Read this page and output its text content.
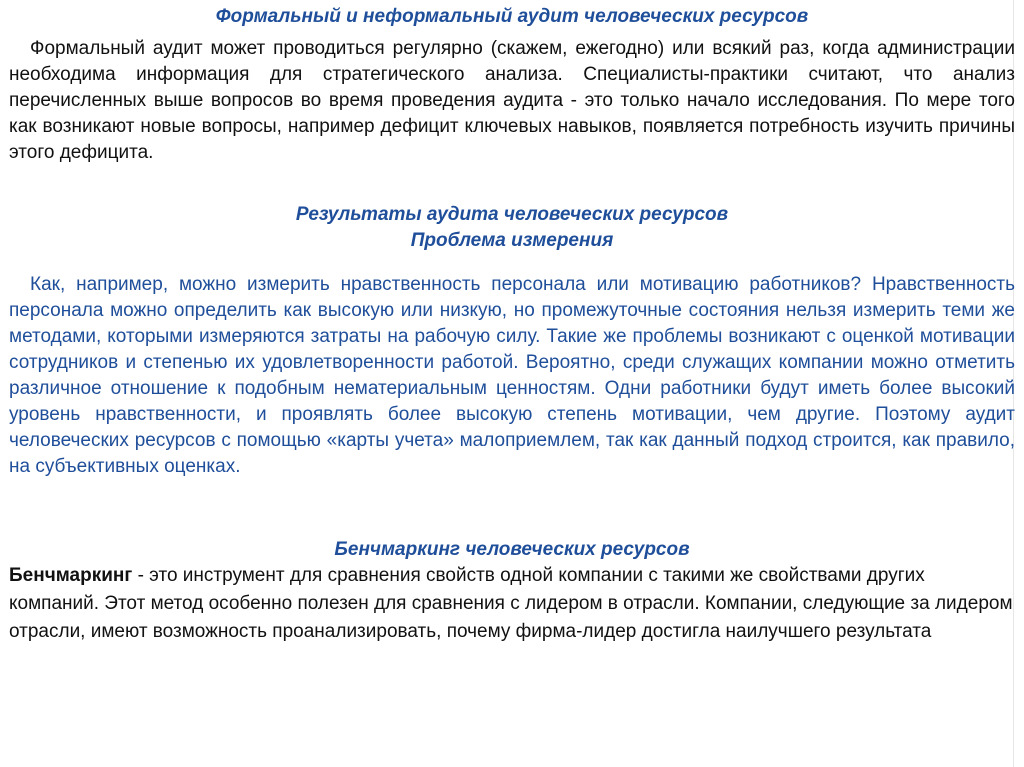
Формальный и неформальный аудит человеческих ресурсов

Формальный аудит может проводиться регулярно (скажем, ежегодно) или всякий раз, когда администрации необходима информация для стратегического анализа. Специалисты-практики считают, что анализ перечисленных выше вопросов во время проведения аудита - это только начало исследования. По мере того как возникают новые вопросы, например дефицит ключевых навыков, появляется потребность изучить причины этого дефицита.

Результаты аудита человеческих ресурсов
Проблема измерения

Как, например, можно измерить нравственность персонала или мотивацию работников? Нравственность персонала можно определить как высокую или низкую, но промежуточные состояния нельзя измерить теми же методами, которыми измеряются затраты на рабочую силу. Такие же проблемы возникают с оценкой мотивации сотрудников и степенью их удовлетворенности работой. Вероятно, среди служащих компании можно отметить различное отношение к подобным нематериальным ценностям. Одни работники будут иметь более высокий уровень нравственности, и проявлять более высокую степень мотивации, чем другие. Поэтому аудит человеческих ресурсов с помощью «карты учета» малоприемлем, так как данный подход строится, как правило, на субъективных оценках.

Бенчмаркинг человеческих ресурсов

Бенчмаркинг - это инструмент для сравнения свойств одной компании с такими же свойствами других компаний. Этот метод особенно полезен для сравнения с лидером в отрасли. Компании, следующие за лидером отрасли, имеют возможность проанализировать, почему фирма-лидер достигла наилучшего результата
